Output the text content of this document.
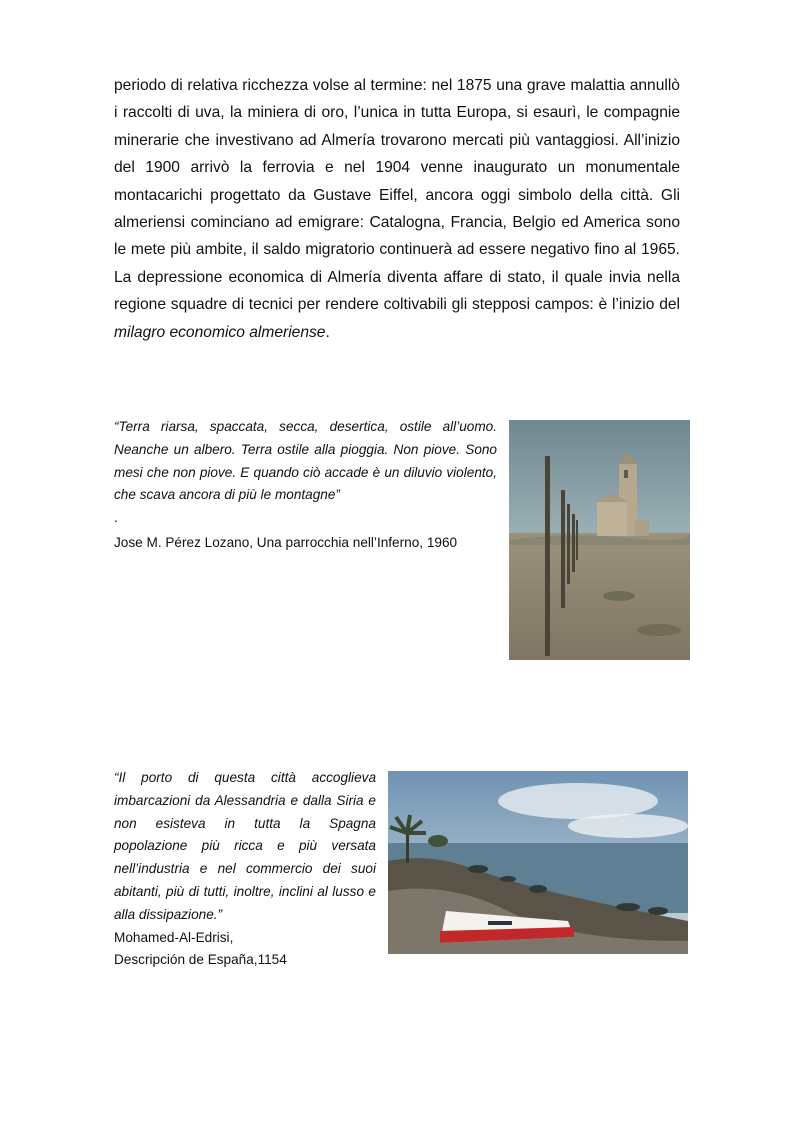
periodo di relativa ricchezza volse al termine: nel 1875 una grave malattia annullò i raccolti di uva, la miniera di oro, l’unica in tutta Europa, si esaurì, le compagnie minerarie che investivano ad Almería trovarono mercati più vantaggiosi. All’inizio del 1900 arrivò la ferrovia e nel 1904 venne inaugurato un monumentale montacarichi progettato da Gustave Eiffel, ancora oggi simbolo della città. Gli almeriensi cominciano ad emigrare: Catalogna, Francia, Belgio ed America sono le mete più ambite, il saldo migratorio continuerà ad essere negativo fino al 1965. La depressione economica di Almería diventa affare di stato, il quale invia nella regione squadre di tecnici per rendere coltivabili gli stepposi campos: è l’inizio del milagro economico almeriense.

“Terra riarsa, spaccata, secca, desertica, ostile all’uomo. Neanche un albero. Terra ostile alla pioggia. Non piove. Sono mesi che non piove. E quando ciò accade è un diluvio violento, che scava ancora di più le montagne”

.

Jose M. Pérez Lozano, Una parrocchia nell’Inferno, 1960

“Il porto di questa città accoglieva imbarcazioni da Alessandria e dalla Siria e non esisteva in tutta la Spagna popolazione più ricca e più versata nell’industria e nel commercio dei suoi abitanti, più di tutti, inoltre, inclini al lusso e alla dissipazione.”

Mohamed-Al-Edrisi,

Descripción de España,1154
